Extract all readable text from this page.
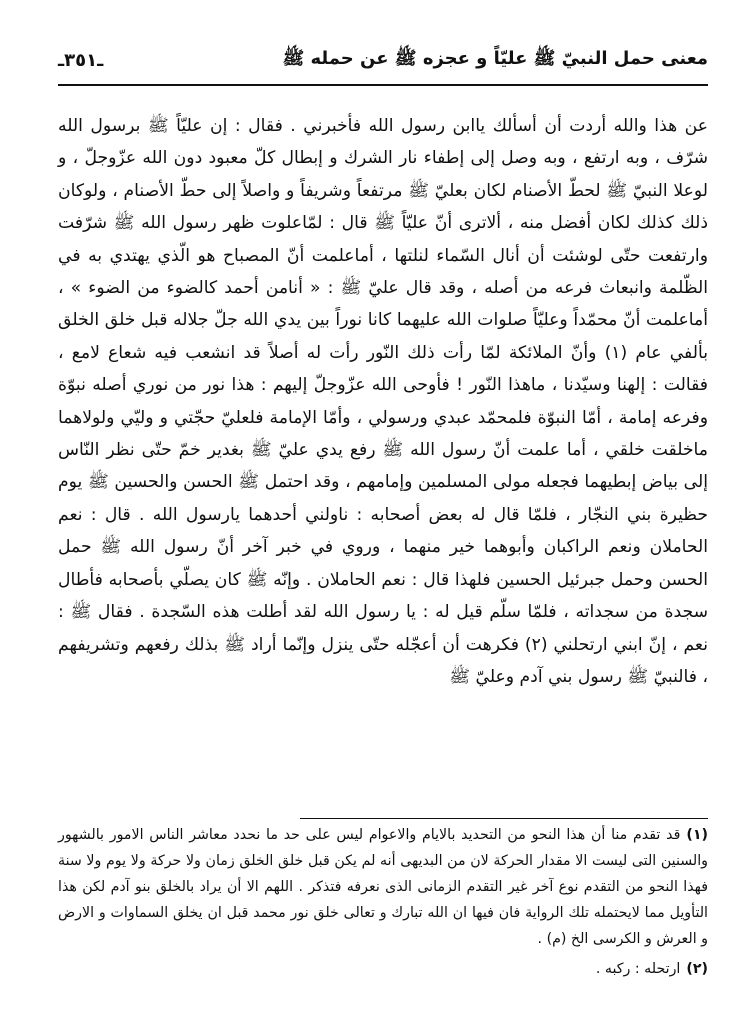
معنی حمل النبيّ ﷺ عليّاً و عجزه ﷺ عن حمله ﷺ
ـ٣٥١ـ

عن هذا والله أردت أن أسألك ياابن رسول الله فأخبرني . فقال : إن عليّاً ﷺ برسول الله شرّف ، وبه ارتفع ، وبه وصل إلى إطفاء نار الشرك و إبطال كلّ معبود دون الله عزّوجلّ ، و لوعلا النبيّ ﷺ لحطّ الأصنام لكان بعليّ ﷺ مرتفعاً وشريفاً و واصلاً إلى حطّ الأصنام ، ولوكان ذلك كذلك لكان أفضل منه ، ألاترى أنّ عليّاً ﷺ قال : لمّاعلوت ظهر رسول الله ﷺ شرّفت وارتفعت حتّى لوشئت أن أنال السّماء لنلتها ، أماعلمت أنّ المصباح هو الّذي يهتدي به في الظّلمة وانبعاث فرعه من أصله ، وقد قال عليّ ﷺ : « أنامن أحمد كالضوء من الضوء » ، أماعلمت أنّ محمّداً وعليّاً صلوات الله عليهما كانا نوراً بين يدي الله جلّ جلاله قبل خلق الخلق بألفي عام (١) وأنّ الملائكة لمّا رأت ذلك النّور رأت له أصلاً قد انشعب فيه شعاع لامع ، فقالت : إلهنا وسيّدنا ، ماهذا النّور ! فأوحى الله عزّوجلّ إليهم : هذا نور من نوري أصله نبوّة وفرعه إمامة ، أمّا النبوّة فلمحمّد عبدي ورسولي ، وأمّا الإمامة فلعليّ حجّتي و وليّي ولولاهما ماخلقت خلقي ، أما علمت أنّ رسول الله ﷺ رفع يدي عليّ ﷺ بغدير خمّ حتّى نظر النّاس إلى بياض إبطيهما فجعله مولى المسلمين وإمامهم ، وقد احتمل ﷺ الحسن والحسين ﷺ يوم حظيرة بني النجّار ، فلمّا قال له بعض أصحابه : ناولني أحدهما يارسول الله . قال : نعم الحاملان ونعم الراكبان وأبوهما خير منهما ، وروي في خبر آخر أنّ رسول الله ﷺ حمل الحسن وحمل جبرئيل الحسين فلهذا قال : نعم الحاملان . وإنّه ﷺ كان يصلّي بأصحابه فأطال سجدة من سجداته ، فلمّا سلّم قيل له : يا رسول الله لقد أطلت هذه السّجدة . فقال ﷺ : نعم ، إنّ ابني ارتحلني (٢) فكرهت أن أعجّله حتّى ينزل وإنّما أراد ﷺ بذلك رفعهم وتشريفهم ، فالنبيّ ﷺ رسول بني آدم وعليّ ﷺ

(١)قد تقدم منا أن هذا النحو من التحديد بالايام والاعوام ليس على حد ما نحدد معاشر الناس الامور بالشهور والسنين التى ليست الا مقدار الحركة لان من البديهى أنه لم يكن قبل خلق الخلق زمان ولا حركة ولا يوم ولا سنة فهذا النحو من التقدم نوع آخر غير التقدم الزمانى الذى نعرفه فتذكر . اللهم الا أن يراد بالخلق بنو آدم لكن هذا التأويل مما لايحتمله تلك الرواية فان فيها ان الله تبارك و تعالى خلق نور محمد قبل ان يخلق السماوات و الارض و العرش و الكرسى الخ (م) .

(٢)ارتحله : ركبه .
